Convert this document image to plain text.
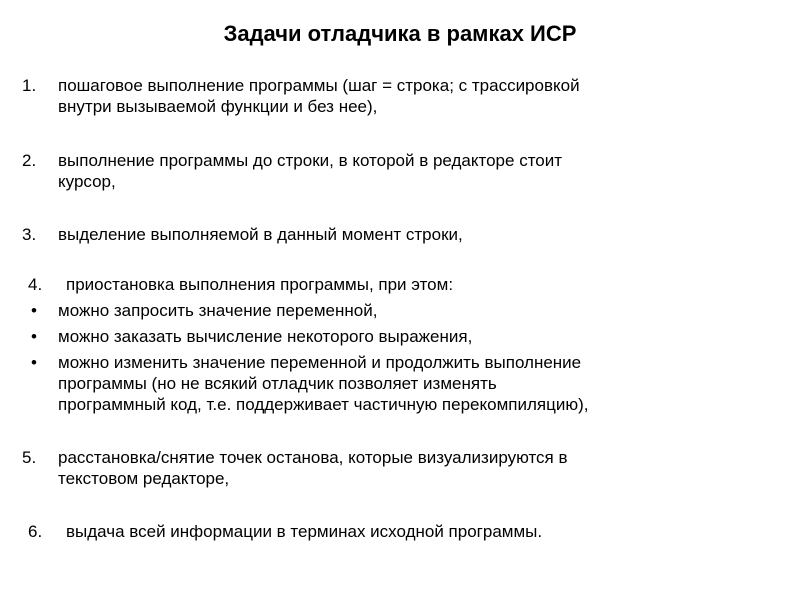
Задачи отладчика в рамках ИСР
1. пошаговое выполнение программы (шаг = строка; с трассировкой
внутри вызываемой функции и без нее),
2. выполнение программы до строки, в которой в редакторе стоит
курсор,
3. выделение выполняемой в данный момент строки,
4. приостановка выполнения программы, при этом:
• можно запросить значение переменной,
• можно заказать вычисление некоторого выражения,
• можно изменить значение переменной и продолжить выполнение
программы (но не всякий отладчик позволяет изменять
программный код, т.е. поддерживает частичную перекомпиляцию),
5. расстановка/снятие точек останова, которые визуализируются в
текстовом редакторе,
6. выдача всей информации в терминах исходной программы.
